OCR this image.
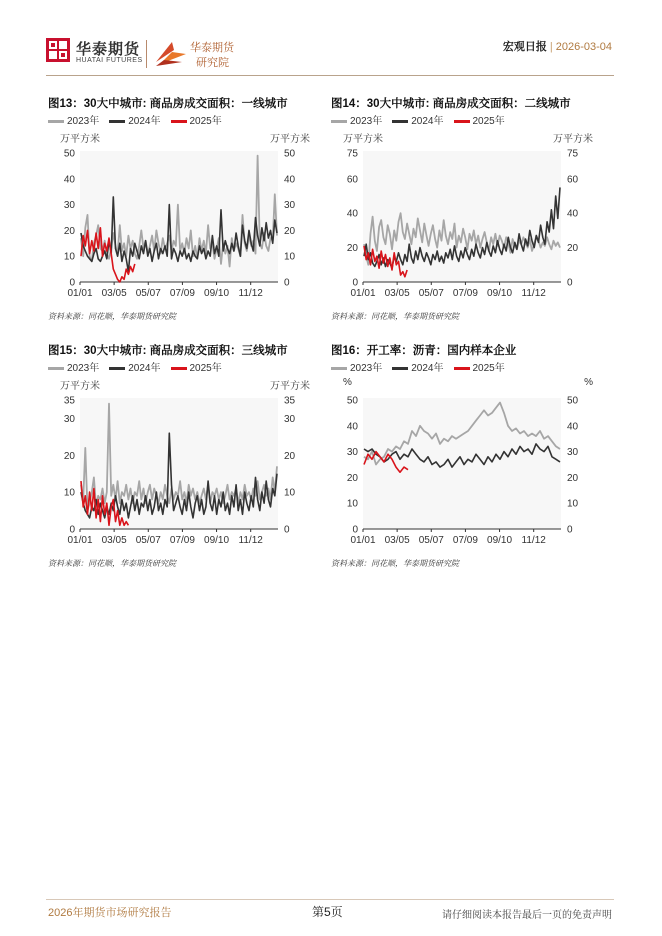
华泰期货
HUATAI FUTURES
华泰期货
研究院
宏观日报 | 2026-03-04
图13：30大中城市: 商品房成交面积：一线城市
2023年	2024年	2025年
万平方米	万平方米
资料来源：同花顺，华泰期货研究院
0	0
10	10
20	20
30	30
40	40
50	50
01/01 03/05 05/07 07/09 09/10 11/12
图14：30大中城市: 商品房成交面积：二线城市
2023年	2024年	2025年
万平方米	万平方米
资料来源：同花顺，华泰期货研究院
0	0
20	20
40	40
60	60
75	75
01/01 03/05 05/07 07/09 09/10 11/12
图15：30大中城市: 商品房成交面积：三线城市
2023年	2024年	2025年
万平方米	万平方米
资料来源：同花顺，华泰期货研究院
0	0
10	10
20	20
30	30
35	35
01/01 03/05 05/07 07/09 09/10 11/12
图16：开工率：沥青：国内样本企业
2023年	2024年	2025年
%	%
资料来源：同花顺，华泰期货研究院
0	0
10	10
20	20
30	30
40	40
50	50
01/01 03/05 05/07 07/09 09/10 11/12
2026年期货市场研究报告	第5页	请仔细阅读本报告最后一页的免责声明
